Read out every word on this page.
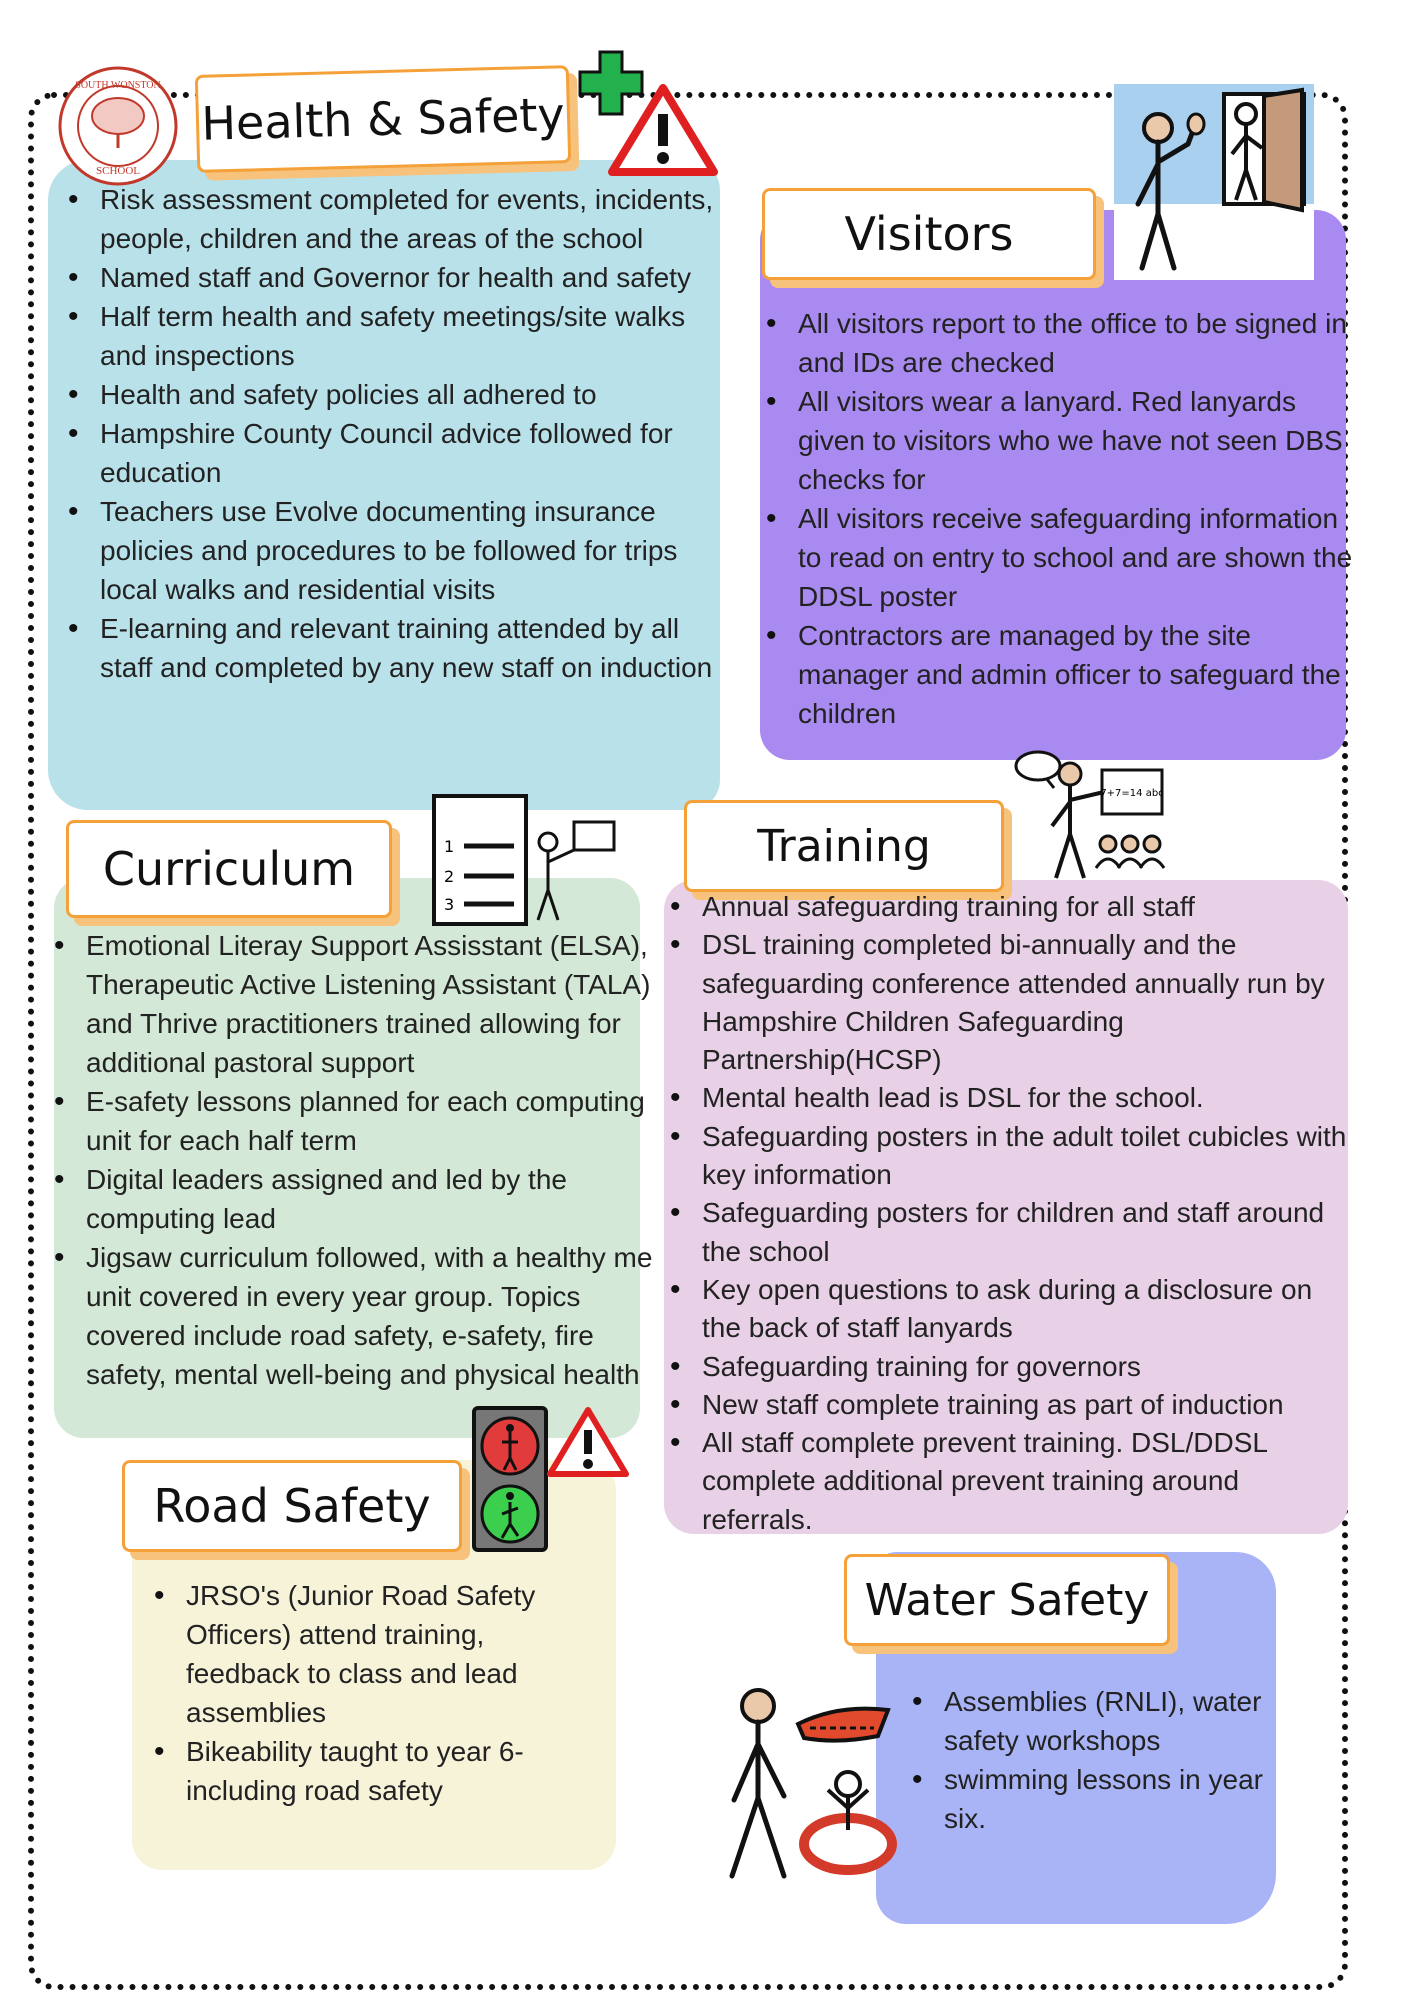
SOUTH WONSTON
SCHOOL
Health & Safety
• Risk assessment completed for events, incidents, people, children and the areas of the school
• Named staff and Governor for health and safety
• Half term health and safety meetings/site walks and inspections
• Health and safety policies all adhered to
• Hampshire County Council advice followed for education
• Teachers use Evolve documenting insurance policies and procedures to be followed for trips local walks and residential visits
• E-learning and relevant training attended by all staff and completed by any new staff on induction
Visitors
• All visitors report to the office to be signed in and IDs are checked
• All visitors wear a lanyard. Red lanyards given to visitors who we have not seen DBS checks for
• All visitors receive safeguarding information to read on entry to school and are shown the DDSL poster
• Contractors are managed by the site manager and admin officer to safeguard the children
Curriculum	1
2
3
• Emotional Literay Support Assisstant (ELSA), Therapeutic Active Listening Assistant (TALA) and Thrive practitioners trained allowing for additional pastoral support
• E-safety lessons planned for each computing unit for each half term
• Digital leaders assigned and led by the computing lead
• Jigsaw curriculum followed, with a healthy me unit covered in every year group. Topics covered include road safety, e-safety, fire safety, mental well-being and physical health
Training
7+7=14 abc
• Annual safeguarding training for all staff
• DSL training completed bi-annually and the safeguarding conference attended annually run by Hampshire Children Safeguarding Partnership(HCSP)
• Mental health lead is DSL for the school.
• Safeguarding posters in the adult toilet cubicles with key information
• Safeguarding posters for children and staff around the school
• Key open questions to ask during a disclosure on the back of staff lanyards
• Safeguarding training for governors
• New staff complete training as part of induction
• All staff complete prevent training. DSL/DDSL complete additional prevent training around referrals.
Road Safety
• JRSO's (Junior Road Safety Officers) attend training, feedback to class and lead assemblies
• Bikeability taught to year 6- including road safety
Water Safety
• Assemblies (RNLI), water safety workshops
• swimming lessons in year six.
